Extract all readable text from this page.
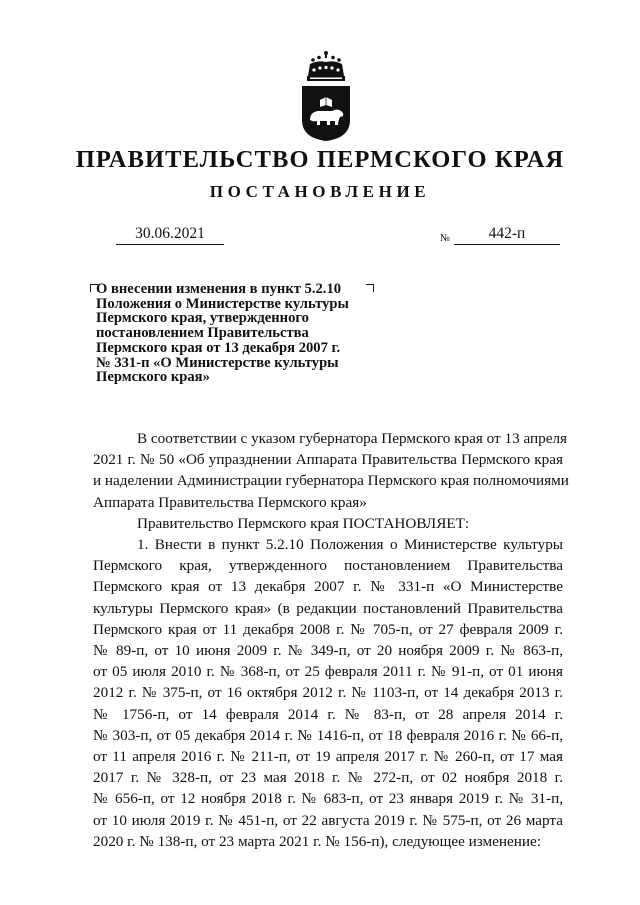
ПРАВИТЕЛЬСТВО ПЕРМСКОГО КРАЯ
ПОСТАНОВЛЕНИЕ
30.06.2021	№	442-п
О внесении изменения в пункт 5.2.10
Положения о Министерстве культуры
Пермского края, утвержденного
постановлением Правительства
Пермского края от 13 декабря 2007 г.
№ 331-п «О Министерстве культуры
Пермского края»
В соответствии с указом губернатора Пермского края от 13 апреля
2021 г. № 50 «Об упразднении Аппарата Правительства Пермского края
и наделении Администрации губернатора Пермского края полномочиями
Аппарата Правительства Пермского края»
Правительство Пермского края ПОСТАНОВЛЯЕТ:
1. Внести в пункт 5.2.10 Положения о Министерстве культуры
Пермского края, утвержденного постановлением Правительства
Пермского края от 13 декабря 2007 г. № 331-п «О Министерстве
культуры Пермского края» (в редакции постановлений Правительства
Пермского края от 11 декабря 2008 г. № 705-п, от 27 февраля 2009 г.
№ 89-п, от 10 июня 2009 г. № 349-п, от 20 ноября 2009 г. № 863-п,
от 05 июля 2010 г. № 368-п, от 25 февраля 2011 г. № 91-п, от 01 июня
2012 г. № 375-п, от 16 октября 2012 г. № 1103-п, от 14 декабря 2013 г.
№ 1756-п, от 14 февраля 2014 г. № 83-п, от 28 апреля 2014 г.
№ 303-п, от 05 декабря 2014 г. № 1416-п, от 18 февраля 2016 г. № 66-п,
от 11 апреля 2016 г. № 211-п, от 19 апреля 2017 г. № 260-п, от 17 мая
2017 г. № 328-п, от 23 мая 2018 г. № 272-п, от 02 ноября 2018 г.
№ 656-п, от 12 ноября 2018 г. № 683-п, от 23 января 2019 г. № 31-п,
от 10 июля 2019 г. № 451-п, от 22 августа 2019 г. № 575-п, от 26 марта
2020 г. № 138-п, от 23 марта 2021 г. № 156-п), следующее изменение:
